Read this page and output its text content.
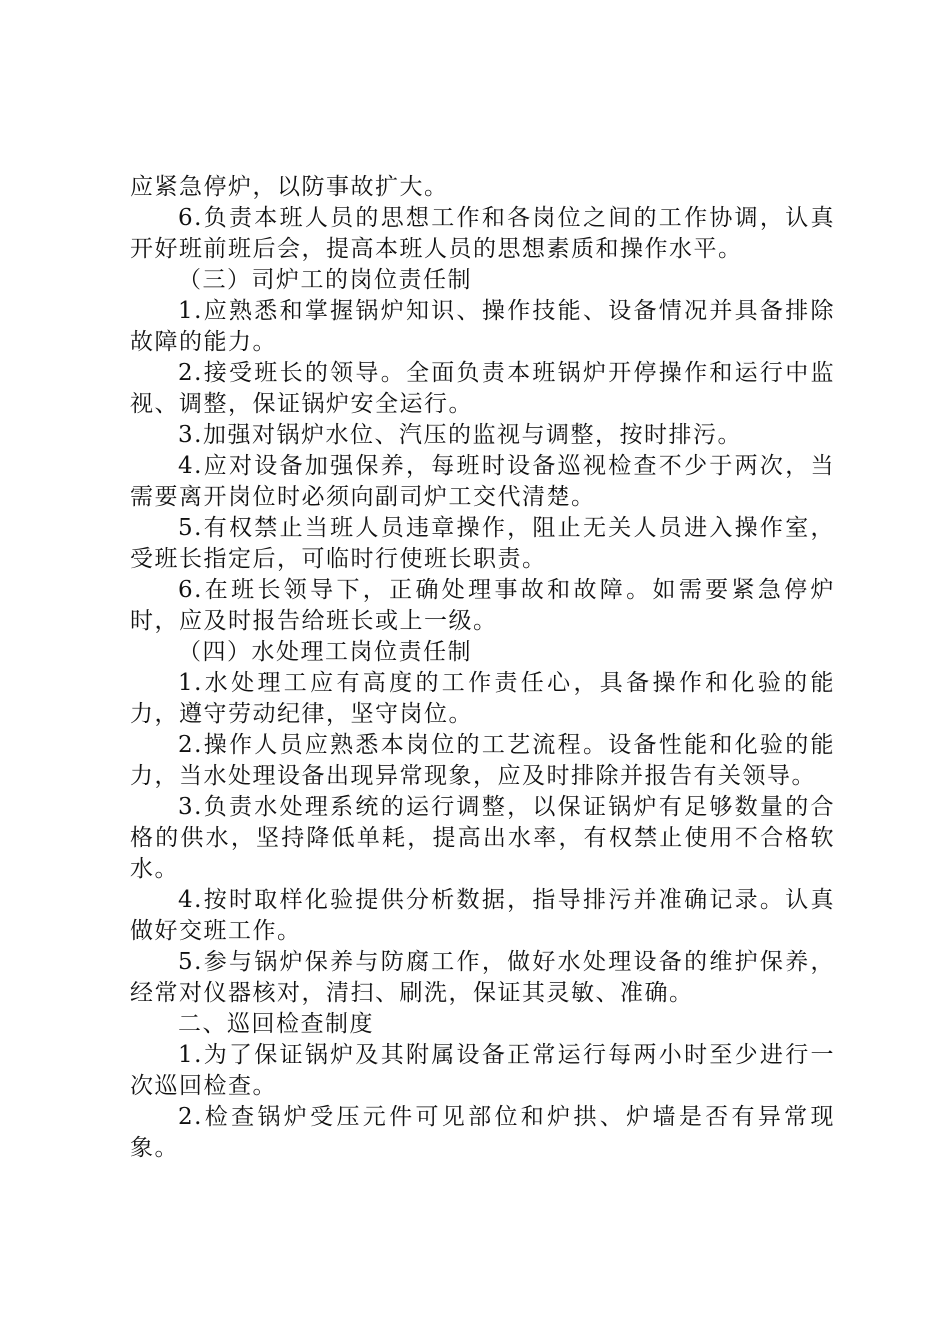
应紧急停炉，以防事故扩大。

6.负责本班人员的思想工作和各岗位之间的工作协调，认真开好班前班后会，提高本班人员的思想素质和操作水平。

（三）司炉工的岗位责任制

1.应熟悉和掌握锅炉知识、操作技能、设备情况并具备排除故障的能力。

2.接受班长的领导。全面负责本班锅炉开停操作和运行中监视、调整，保证锅炉安全运行。

3.加强对锅炉水位、汽压的监视与调整，按时排污。

4.应对设备加强保养，每班时设备巡视检查不少于两次，当需要离开岗位时必须向副司炉工交代清楚。

5.有权禁止当班人员违章操作，阻止无关人员进入操作室，受班长指定后，可临时行使班长职责。

6.在班长领导下，正确处理事故和故障。如需要紧急停炉时，应及时报告给班长或上一级。

（四）水处理工岗位责任制

1.水处理工应有高度的工作责任心，具备操作和化验的能力，遵守劳动纪律，坚守岗位。

2.操作人员应熟悉本岗位的工艺流程。设备性能和化验的能力，当水处理设备出现异常现象，应及时排除并报告有关领导。

3.负责水处理系统的运行调整，以保证锅炉有足够数量的合格的供水，坚持降低单耗，提高出水率，有权禁止使用不合格软水。

4.按时取样化验提供分析数据，指导排污并准确记录。认真做好交班工作。

5.参与锅炉保养与防腐工作，做好水处理设备的维护保养，经常对仪器核对，清扫、刷洗，保证其灵敏、准确。

二、巡回检查制度

1.为了保证锅炉及其附属设备正常运行每两小时至少进行一次巡回检查。

2.检查锅炉受压元件可见部位和炉拱、炉墙是否有异常现象。
